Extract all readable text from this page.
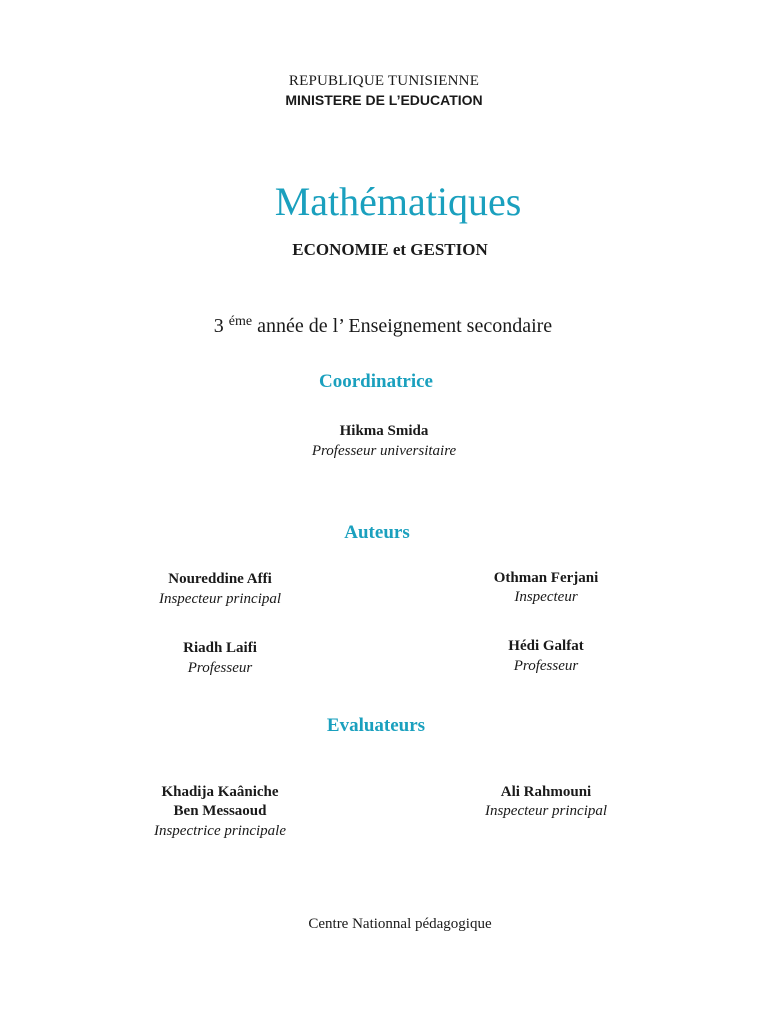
REPUBLIQUE TUNISIENNE
MINISTERE DE L’EDUCATION
Mathématiques
ECONOMIE et GESTION
3 $^{éme}$ année de l’ Enseignement secondaire
Coordinatrice
Hikma Smida
Professeur universitaire
Auteurs
Noureddine Affi
Inspecteur principal
Othman Ferjani
Inspecteur
Riadh Laifi
Professeur
Hédi Galfat
Professeur
Evaluateurs
Khadija Kaâniche
Ben Messaoud
Inspectrice principale
Ali Rahmouni
Inspecteur principal
Centre Nationnal pédagogique
